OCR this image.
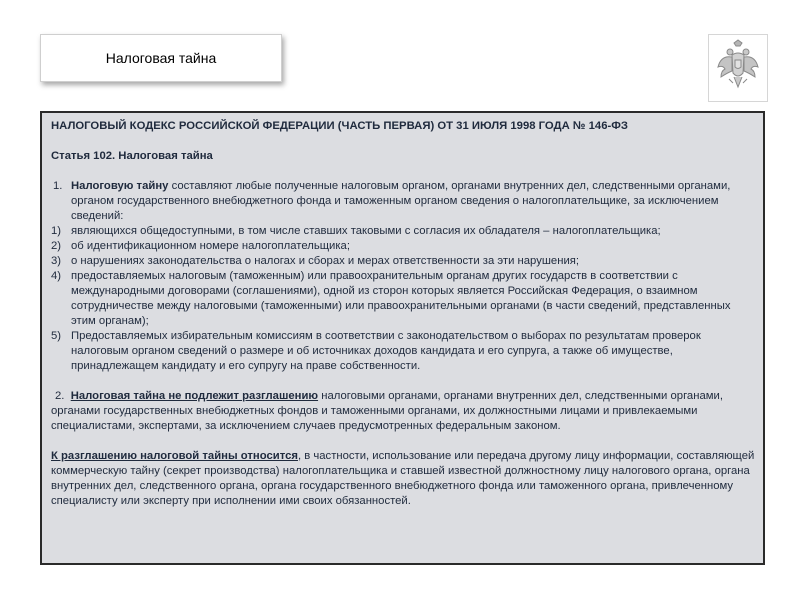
Налоговая тайна

НАЛОГОВЫЙ КОДЕКС РОССИЙСКОЙ ФЕДЕРАЦИИ (ЧАСТЬ ПЕРВАЯ) ОТ 31 ИЮЛЯ 1998 ГОДА № 146-ФЗ

Статья 102. Налоговая тайна

1. Налоговую тайну составляют любые полученные налоговым органом, органами внутренних дел, следственными органами, органом государственного внебюджетного фонда и таможенным органом сведения о налогоплательщике, за исключением сведений:
1) являющихся общедоступными, в том числе ставших таковыми с согласия их обладателя – налогоплательщика;
2) об идентификационном номере налогоплательщика;
3) о нарушениях законодательства о налогах и сборах и мерах ответственности за эти нарушения;
4) предоставляемых налоговым (таможенным) или правоохранительным органам других государств в соответствии с международными договорами (соглашениями), одной из сторон которых является Российская Федерация, о взаимном сотрудничестве между налоговыми (таможенными) или правоохранительными органами (в части сведений, представленных этим органам);
5) Предоставляемых избирательным комиссиям в соответствии с законодательством о выборах по результатам проверок налоговым органом сведений о размере и об источниках доходов кандидата и его супруга, а также об имуществе, принадлежащем кандидату и его супругу на праве собственности.

2. Налоговая тайна не подлежит разглашению налоговыми органами, органами внутренних дел, следственными органами, органами государственных внебюджетных фондов и таможенными органами, их должностными лицами и привлекаемыми специалистами, экспертами, за исключением случаев предусмотренных федеральным законом.

К разглашению налоговой тайны относится, в частности, использование или передача другому лицу информации, составляющей коммерческую тайну (секрет производства) налогоплательщика и ставшей известной должностному лицу налогового органа, органа внутренних дел, следственного органа, органа государственного внебюджетного фонда или таможенного органа, привлеченному специалисту или эксперту при исполнении ими своих обязанностей.
